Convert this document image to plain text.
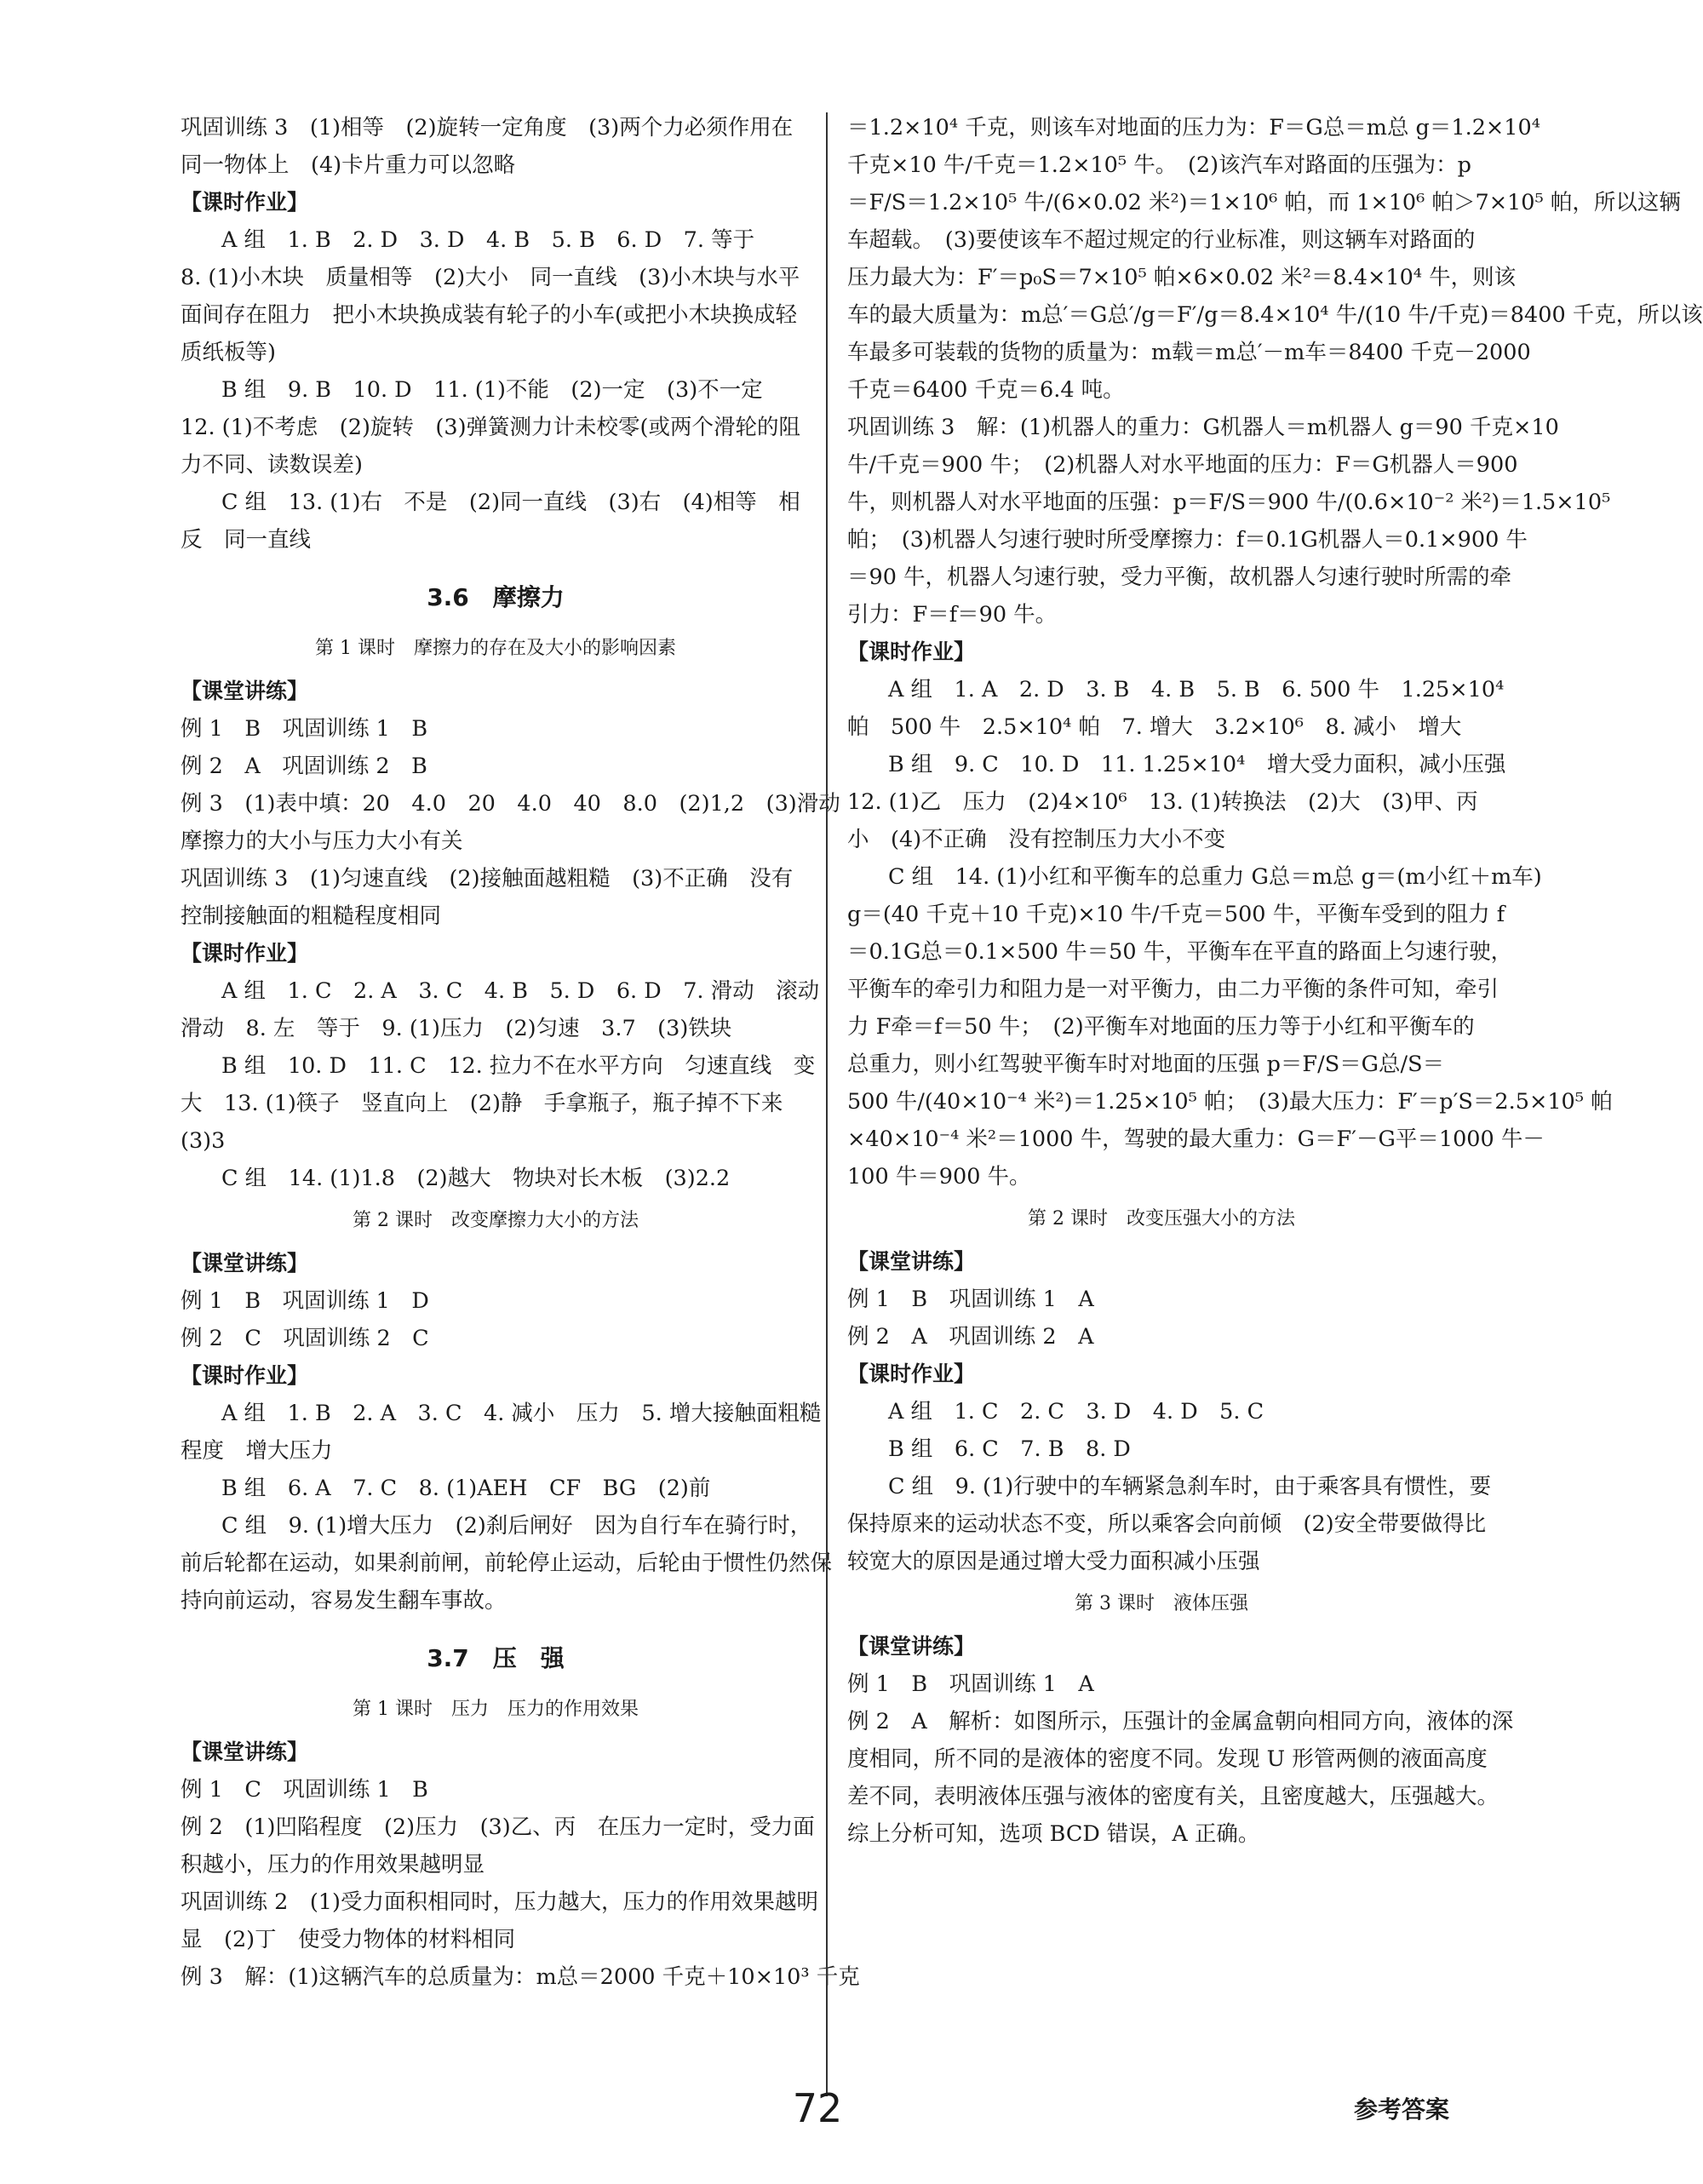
巩固训练 3　(1)相等　(2)旋转一定角度　(3)两个力必须作用在
同一物体上　(4)卡片重力可以忽略
【课时作业】
A 组　1. B　2. D　3. D　4. B　5. B　6. D　7. 等于
8. (1)小木块　质量相等　(2)大小　同一直线　(3)小木块与水平
面间存在阻力　把小木块换成装有轮子的小车(或把小木块换成轻
质纸板等)
B 组　9. B　10. D　11. (1)不能　(2)一定　(3)不一定
12. (1)不考虑　(2)旋转　(3)弹簧测力计未校零(或两个滑轮的阻
力不同、读数误差)
C 组　13. (1)右　不是　(2)同一直线　(3)右　(4)相等　相
反　同一直线
3.6　摩擦力
第 1 课时　摩擦力的存在及大小的影响因素
【课堂讲练】
例 1　B　巩固训练 1　B
例 2　A　巩固训练 2　B
例 3　(1)表中填：20　4.0　20　4.0　40　8.0　(2)1,2　(3)滑动
摩擦力的大小与压力大小有关
巩固训练 3　(1)匀速直线　(2)接触面越粗糙　(3)不正确　没有
控制接触面的粗糙程度相同
【课时作业】
A 组　1. C　2. A　3. C　4. B　5. D　6. D　7. 滑动　滚动
滑动　8. 左　等于　9. (1)压力　(2)匀速　3.7　(3)铁块
B 组　10. D　11. C　12. 拉力不在水平方向　匀速直线　变
大　13. (1)筷子　竖直向上　(2)静　手拿瓶子，瓶子掉不下来
(3)3
C 组　14. (1)1.8　(2)越大　物块对长木板　(3)2.2
第 2 课时　改变摩擦力大小的方法
【课堂讲练】
例 1　B　巩固训练 1　D
例 2　C　巩固训练 2　C
【课时作业】
A 组　1. B　2. A　3. C　4. 减小　压力　5. 增大接触面粗糙
程度　增大压力
B 组　6. A　7. C　8. (1)AEH　CF　BG　(2)前
C 组　9. (1)增大压力　(2)刹后闸好　因为自行车在骑行时，
前后轮都在运动，如果刹前闸，前轮停止运动，后轮由于惯性仍然保
持向前运动，容易发生翻车事故。
3.7　压　强
第 1 课时　压力　压力的作用效果
【课堂讲练】
例 1　C　巩固训练 1　B
例 2　(1)凹陷程度　(2)压力　(3)乙、丙　在压力一定时，受力面
积越小，压力的作用效果越明显
巩固训练 2　(1)受力面积相同时，压力越大，压力的作用效果越明
显　(2)丁　使受力物体的材料相同
例 3　解：(1)这辆汽车的总质量为：m总＝2000 千克＋10×10³ 千克
＝1.2×10⁴ 千克，则该车对地面的压力为：F＝G总＝m总 g＝1.2×10⁴
千克×10 牛/千克＝1.2×10⁵ 牛。　(2)该汽车对路面的压强为：p
＝F/S＝1.2×10⁵ 牛/(6×0.02 米²)＝1×10⁶ 帕，而 1×10⁶ 帕＞7×10⁵ 帕，所以这辆
车超载。　(3)要使该车不超过规定的行业标准，则这辆车对路面的
压力最大为：F′＝p₀S＝7×10⁵ 帕×6×0.02 米²＝8.4×10⁴ 牛，则该
车的最大质量为：m总′＝G总′/g＝F′/g＝8.4×10⁴ 牛/(10 牛/千克)＝8400 千克，所以该
车最多可装载的货物的质量为：m载＝m总′－m车＝8400 千克－2000
千克＝6400 千克＝6.4 吨。
巩固训练 3　解：(1)机器人的重力：G机器人＝m机器人 g＝90 千克×10
牛/千克＝900 牛；　(2)机器人对水平地面的压力：F＝G机器人＝900
牛，则机器人对水平地面的压强：p＝F/S＝900 牛/(0.6×10⁻² 米²)＝1.5×10⁵
帕；　(3)机器人匀速行驶时所受摩擦力：f＝0.1G机器人＝0.1×900 牛
＝90 牛，机器人匀速行驶，受力平衡，故机器人匀速行驶时所需的牵
引力：F＝f＝90 牛。
【课时作业】
A 组　1. A　2. D　3. B　4. B　5. B　6. 500 牛　1.25×10⁴
帕　500 牛　2.5×10⁴ 帕　7. 增大　3.2×10⁶　8. 减小　增大
B 组　9. C　10. D　11. 1.25×10⁴　增大受力面积，减小压强
12. (1)乙　压力　(2)4×10⁶　13. (1)转换法　(2)大　(3)甲、丙
小　(4)不正确　没有控制压力大小不变
C 组　14. (1)小红和平衡车的总重力 G总＝m总 g＝(m小红＋m车)
g＝(40 千克＋10 千克)×10 牛/千克＝500 牛，平衡车受到的阻力 f
＝0.1G总＝0.1×500 牛＝50 牛，平衡车在平直的路面上匀速行驶，
平衡车的牵引力和阻力是一对平衡力，由二力平衡的条件可知，牵引
力 F牵＝f＝50 牛；　(2)平衡车对地面的压力等于小红和平衡车的
总重力，则小红驾驶平衡车时对地面的压强 p＝F/S＝G总/S＝
500 牛/(40×10⁻⁴ 米²)＝1.25×10⁵ 帕；　(3)最大压力：F′＝p′S＝2.5×10⁵ 帕
×40×10⁻⁴ 米²＝1000 牛，驾驶的最大重力：G＝F′－G平＝1000 牛－
100 牛＝900 牛。
第 2 课时　改变压强大小的方法
【课堂讲练】
例 1　B　巩固训练 1　A
例 2　A　巩固训练 2　A
【课时作业】
A 组　1. C　2. C　3. D　4. D　5. C
B 组　6. C　7. B　8. D
C 组　9. (1)行驶中的车辆紧急刹车时，由于乘客具有惯性，要
保持原来的运动状态不变，所以乘客会向前倾　(2)安全带要做得比
较宽大的原因是通过增大受力面积减小压强
第 3 课时　液体压强
【课堂讲练】
例 1　B　巩固训练 1　A
例 2　A　解析：如图所示，压强计的金属盒朝向相同方向，液体的深
度相同，所不同的是液体的密度不同。发现 U 形管两侧的液面高度
差不同，表明液体压强与液体的密度有关，且密度越大，压强越大。
综上分析可知，选项 BCD 错误，A 正确。
72	参考答案
